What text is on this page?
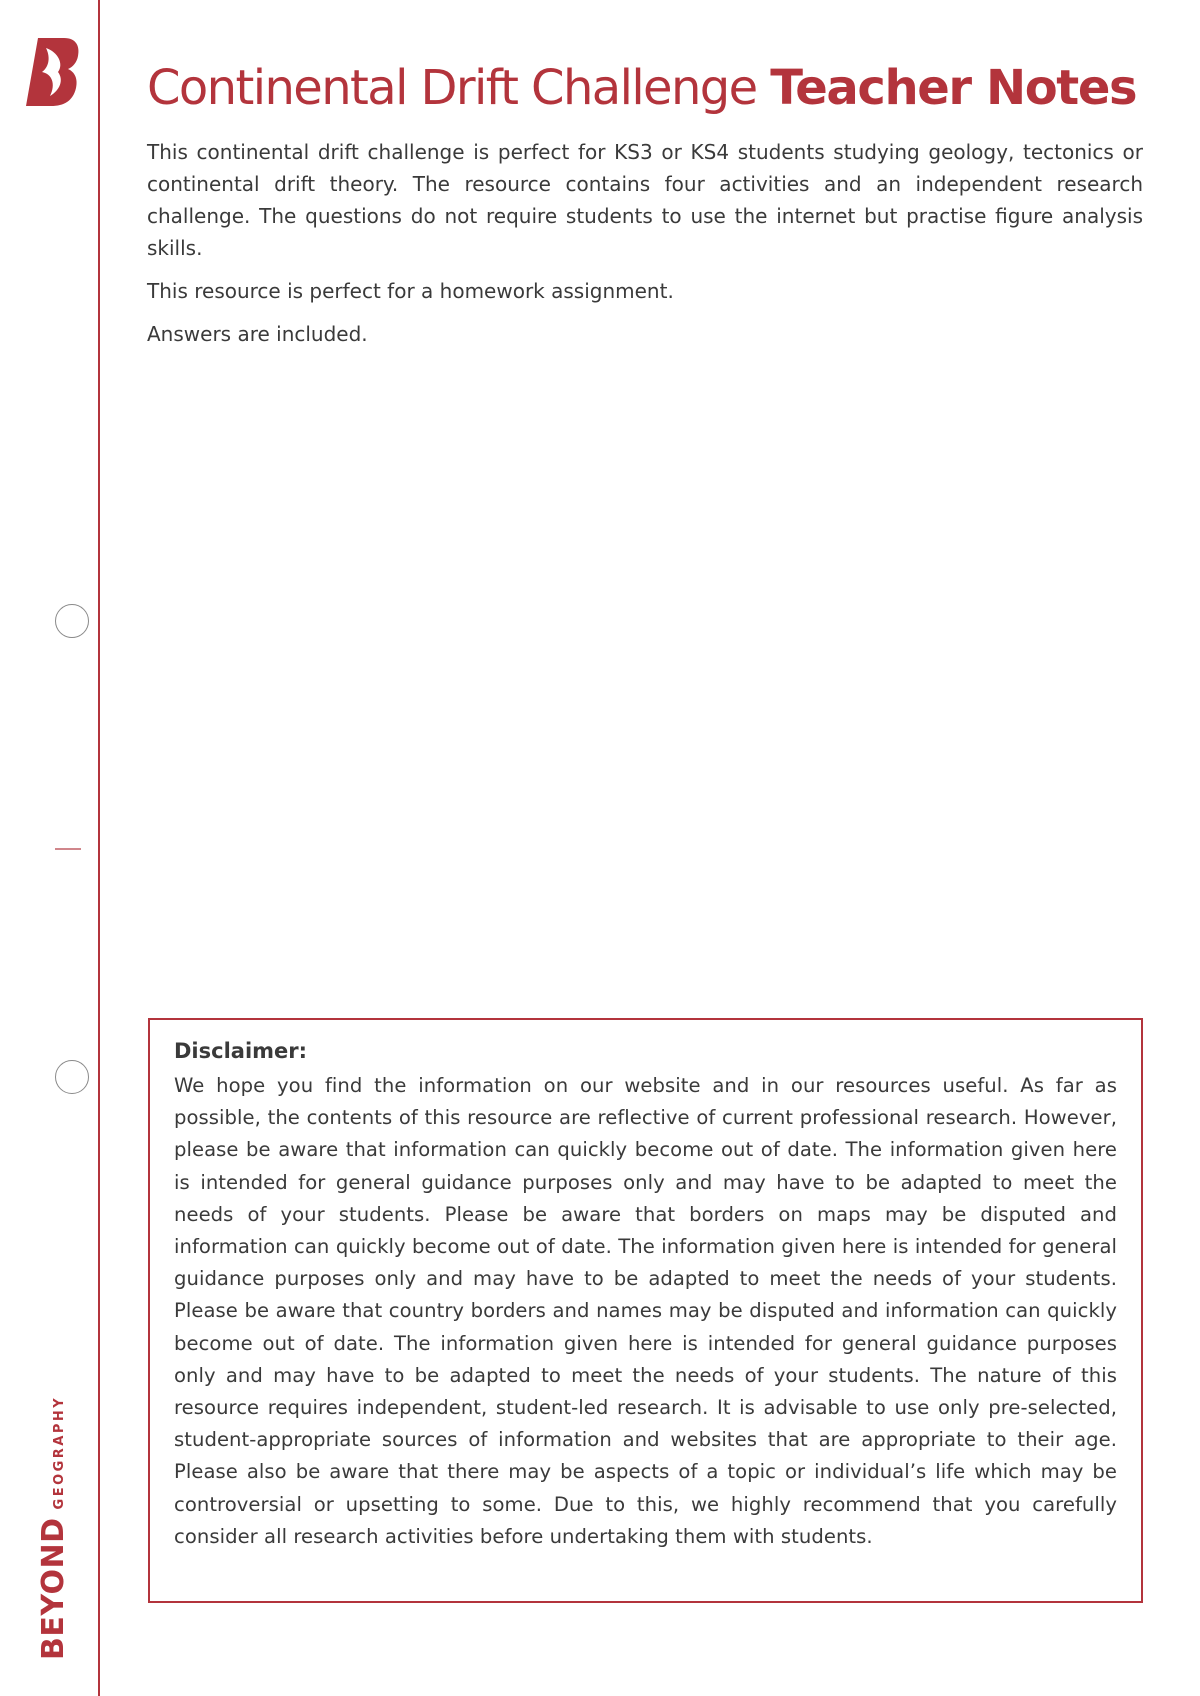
BEYOND
GEOGRAPHY
Continental Drift Challenge Teacher Notes

This continental drift challenge is perfect for KS3 or KS4 students studying geology, tectonics or continental drift theory. The resource contains four activities and an independent research challenge. The questions do not require students to use the internet but practise figure analysis skills.

This resource is perfect for a homework assignment.

Answers are included.

Disclaimer:

We hope you find the information on our website and in our resources useful. As far as possible, the contents of this resource are reflective of current professional research. However, please be aware that information can quickly become out of date. The information given here is intended for general guidance purposes only and may have to be adapted to meet the needs of your students. Please be aware that borders on maps may be disputed and information can quickly become out of date. The information given here is intended for general guidance purposes only and may have to be adapted to meet the needs of your students. Please be aware that country borders and names may be disputed and information can quickly become out of date. The information given here is intended for general guidance purposes only and may have to be adapted to meet the needs of your students. The nature of this resource requires independent, student-led research. It is advisable to use only pre-selected, student-appropriate sources of information and websites that are appropriate to their age. Please also be aware that there may be aspects of a topic or individual’s life which may be controversial or upsetting to some. Due to this, we highly recommend that you carefully consider all research activities before undertaking them with students.
